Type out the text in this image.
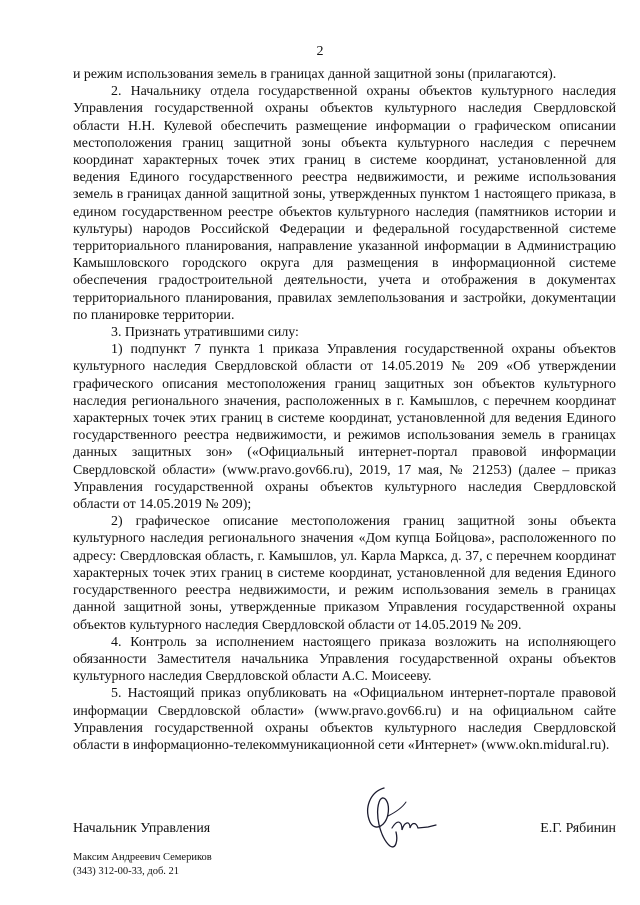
2

и режим использования земель в границах данной защитной зоны (прилагаются).

2. Начальнику отдела государственной охраны объектов культурного наследия Управления государственной охраны объектов культурного наследия Свердловской области Н.Н. Кулевой обеспечить размещение информации о графическом описании местоположения границ защитной зоны объекта культурного наследия с перечнем координат характерных точек этих границ в системе координат, установленной для ведения Единого государственного реестра недвижимости, и режиме использования земель в границах данной защитной зоны, утвержденных пунктом 1 настоящего приказа, в едином государственном реестре объектов культурного наследия (памятников истории и культуры) народов Российской Федерации и федеральной государственной системе территориального планирования, направление указанной информации в Администрацию Камышловского городского округа для размещения в информационной системе обеспечения градостроительной деятельности, учета и отображения в документах территориального планирования, правилах землепользования и застройки, документации по планировке территории.

3. Признать утратившими силу:

1) подпункт 7 пункта 1 приказа Управления государственной охраны объектов культурного наследия Свердловской области от 14.05.2019 № 209 «Об утверждении графического описания местоположения границ защитных зон объектов культурного наследия регионального значения, расположенных в г. Камышлов, с перечнем координат характерных точек этих границ в системе координат, установленной для ведения Единого государственного реестра недвижимости, и режимов использования земель в границах данных защитных зон» («Официальный интернет-портал правовой информации Свердловской области» (www.pravo.gov66.ru), 2019, 17 мая, № 21253) (далее – приказ Управления государственной охраны объектов культурного наследия Свердловской области от 14.05.2019 № 209);

2) графическое описание местоположения границ защитной зоны объекта культурного наследия регионального значения «Дом купца Бойцова», расположенного по адресу: Свердловская область, г. Камышлов, ул. Карла Маркса, д. 37, с перечнем координат характерных точек этих границ в системе координат, установленной для ведения Единого государственного реестра недвижимости, и режим использования земель в границах данной защитной зоны, утвержденные приказом Управления государственной охраны объектов культурного наследия Свердловской области от 14.05.2019 № 209.

4. Контроль за исполнением настоящего приказа возложить на исполняющего обязанности Заместителя начальника Управления государственной охраны объектов культурного наследия Свердловской области А.С. Моисееву.

5. Настоящий приказ опубликовать на «Официальном интернет-портале правовой информации Свердловской области» (www.pravo.gov66.ru) и на официальном сайте Управления государственной охраны объектов культурного наследия Свердловской области в информационно-телекоммуникационной сети «Интернет» (www.okn.midural.ru).

Начальник Управления	Е.Г. Рябинин
Максим Андреевич Семериков
(343) 312-00-33, доб. 21
